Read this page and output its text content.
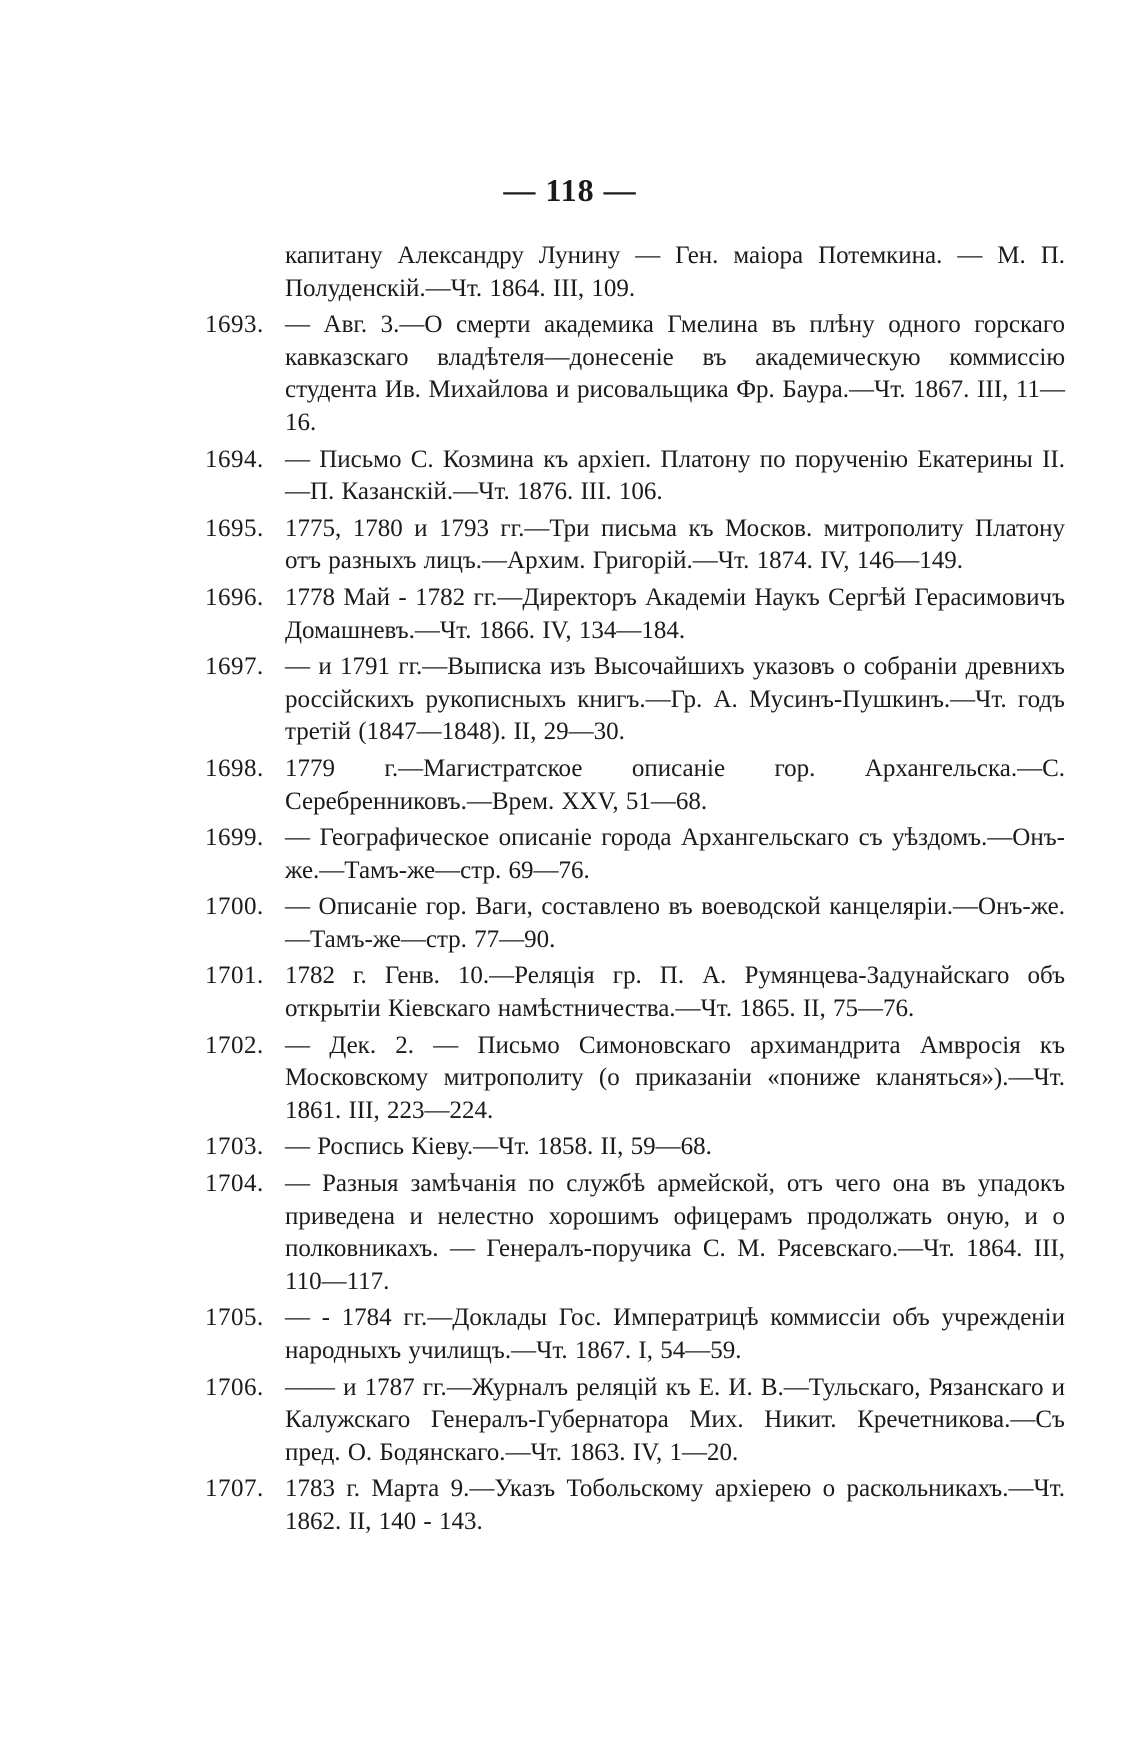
— 118 —
капитану Александру Лунину — Ген. маіора Потемкина. — М. П. Полуденскій.—Чт. 1864. III, 109.
1693. — Авг. 3.—О смерти академика Гмелина въ плѣну одного горскаго кавказскаго владѣтеля—донесеніе въ академическую коммиссію студента Ив. Михайлова и рисовальщика Фр. Баура.—Чт. 1867. III, 11—16.
1694. — Письмо С. Козмина къ архіеп. Платону по порученію Екатерины II.—П. Казанскій.—Чт. 1876. III. 106.
1695. 1775, 1780 и 1793 гг.—Три письма къ Москов. митрополиту Платону отъ разныхъ лицъ.—Архим. Григорій.—Чт. 1874. IV, 146—149.
1696. 1778 Май - 1782 гг.—Директоръ Академіи Наукъ Сергѣй Герасимовичъ Домашневъ.—Чт. 1866. IV, 134—184.
1697. — и 1791 гг.—Выписка изъ Высочайшихъ указовъ о собраніи древнихъ россійскихъ рукописныхъ книгъ.—Гр. А. Мусинъ-Пушкинъ.—Чт. годъ третій (1847—1848). II, 29—30.
1698. 1779 г.—Магистратское описаніе гор. Архангельска.—С. Серебренниковъ.—Врем. XXV, 51—68.
1699. — Географическое описаніе города Архангельскаго съ уѣздомъ.—Онъ-же.—Тамъ-же—стр. 69—76.
1700. — Описаніе гор. Ваги, составлено въ воеводской канцеляріи.—Онъ-же.—Тамъ-же—стр. 77—90.
1701. 1782 г. Генв. 10.—Реляція гр. П. А. Румянцева-Задунайскаго объ открытіи Кіевскаго намѣстничества.—Чт. 1865. II, 75—76.
1702. — Дек. 2. — Письмо Симоновскаго архимандрита Амвросія къ Московскому митрополиту (о приказаніи «пониже кланяться»).—Чт. 1861. III, 223—224.
1703. — Роспись Кіеву.—Чт. 1858. II, 59—68.
1704. — Разныя замѣчанія по службѣ армейской, отъ чего она въ упадокъ приведена и нелестно хорошимъ офицерамъ продолжать оную, и о полковникахъ. — Генералъ-поручика С. М. Рясевскаго.—Чт. 1864. III, 110—117.
1705. — - 1784 гг.—Доклады Гос. Императрицѣ коммиссіи объ учрежденіи народныхъ училищъ.—Чт. 1867. I, 54—59.
1706. —— и 1787 гг.—Журналъ реляцій къ Е. И. В.—Тульскаго, Рязанскаго и Калужскаго Генералъ-Губернатора Мих. Никит. Кречетникова.—Съ пред. О. Бодянскаго.—Чт. 1863. IV, 1—20.
1707. 1783 г. Марта 9.—Указъ Тобольскому архіерею о раскольникахъ.—Чт. 1862. II, 140 - 143.
